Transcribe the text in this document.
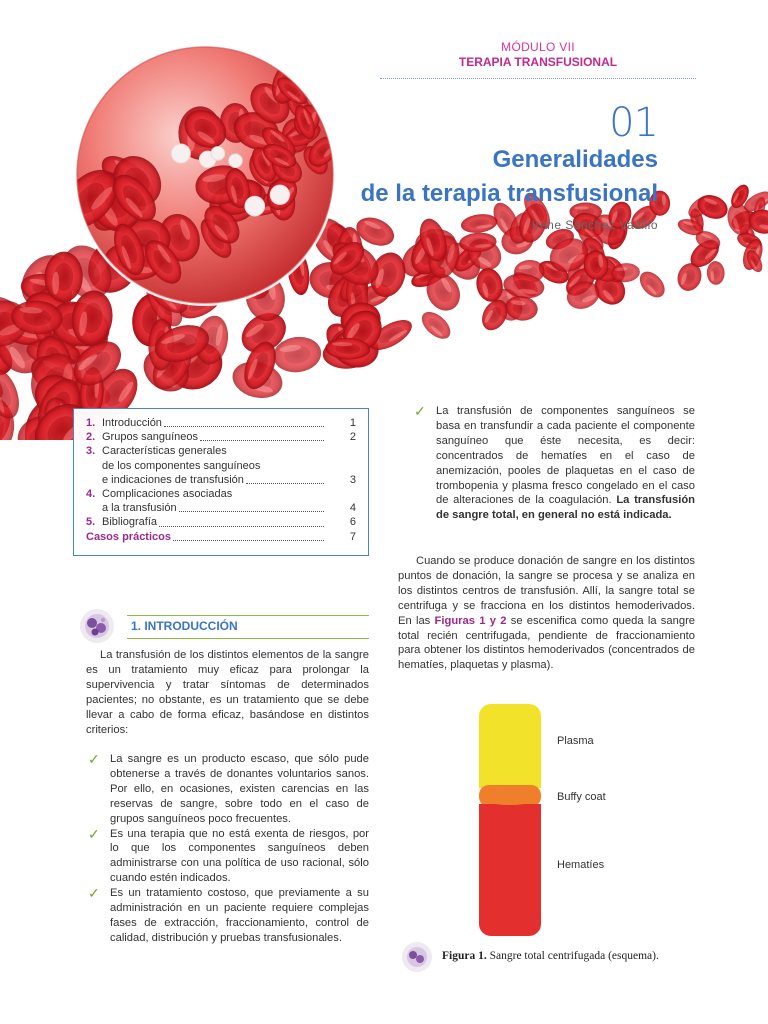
MÓDULO VII
TERAPIA TRANSFUSIONAL
01
Generalidades
de la terapia transfusional
Irene Sánchez Vadillo
1. Introducción	1
2. Grupos sanguíneos	2
3. Características generales
de los componentes sanguíneos
e indicaciones de transfusión	3
4. Complicaciones asociadas
a la transfusión	4
5. Bibliografía	6
Casos prácticos	7
1. INTRODUCCIÓN
La transfusión de los distintos elementos de la sangre es un tratamiento muy eficaz para prolongar la supervivencia y tratar síntomas de determinados pacientes; no obstante, es un tratamiento que se debe llevar a cabo de forma eficaz, basándose en distintos criterios:
✓ La sangre es un producto escaso, que sólo pude obtenerse a través de donantes voluntarios sanos. Por ello, en ocasiones, existen carencias en las reservas de sangre, sobre todo en el caso de grupos sanguíneos poco frecuentes.
✓ Es una terapia que no está exenta de riesgos, por lo que los componentes sanguíneos deben administrarse con una política de uso racional, sólo cuando estén indicados.
✓ Es un tratamiento costoso, que previamente a su administración en un paciente requiere complejas fases de extracción, fraccionamiento, control de calidad, distribución y pruebas transfusionales.
✓ La transfusión de componentes sanguíneos se basa en transfundir a cada paciente el componente sanguíneo que éste necesita, es decir: concentrados de hematíes en el caso de anemización, pooles de plaquetas en el caso de trombopenia y plasma fresco congelado en el caso de alteraciones de la coagulación. La transfusión de sangre total, en general no está indicada.
Cuando se produce donación de sangre en los distintos puntos de donación, la sangre se procesa y se analiza en los distintos centros de transfusión. Allí, la sangre total se centrifuga y se fracciona en los distintos hemoderivados. En las Figuras 1 y 2 se escenifica como queda la sangre total recién centrifugada, pendiente de fraccionamiento para obtener los distintos hemoderivados (concentrados de hematíes, plaquetas y plasma).
Plasma
Buffy coat
Hematíes
Figura 1. Sangre total centrifugada (esquema).
